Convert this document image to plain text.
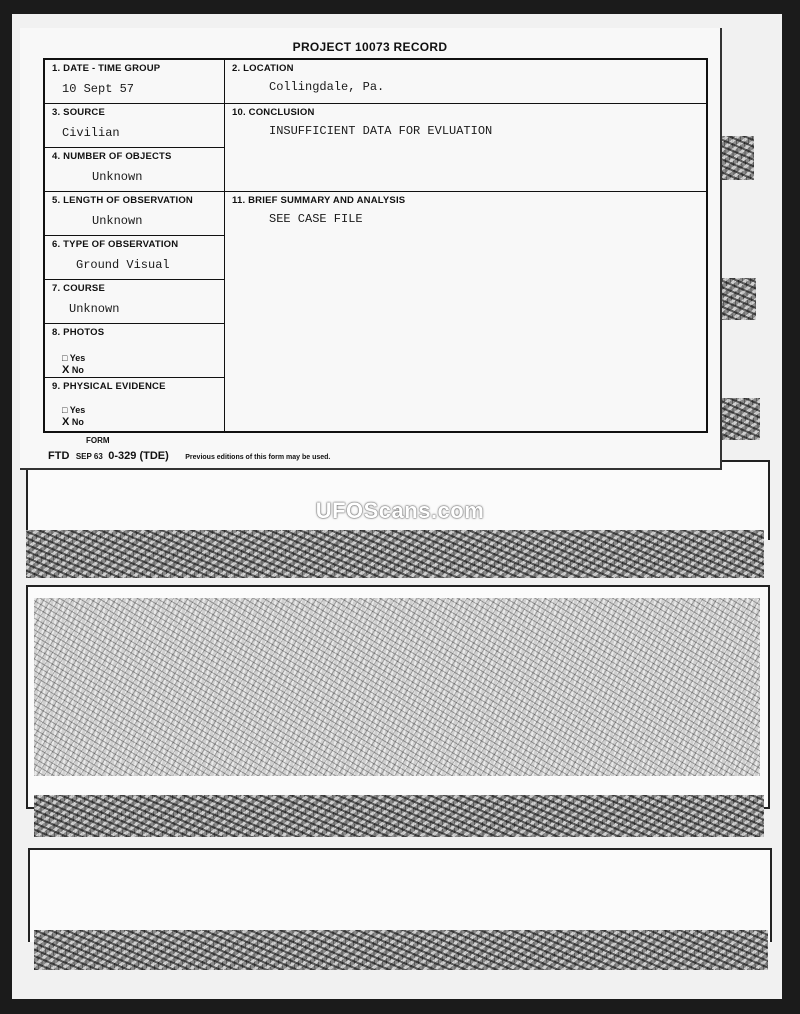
PROJECT 10073 RECORD
1. DATE - TIME GROUP
10 Sept 57
3. SOURCE
Civilian
4. NUMBER OF OBJECTS
Unknown
5. LENGTH OF OBSERVATION
Unknown
6. TYPE OF OBSERVATION
Ground Visual
7. COURSE
Unknown
8. PHOTOS
□ Yes
X No
9. PHYSICAL EVIDENCE
□ Yes
X No
2. LOCATION
Collingdale, Pa.
10. CONCLUSION
INSUFFICIENT DATA FOR EVLUATION
11. BRIEF SUMMARY AND ANALYSIS
SEE CASE FILE
FORM
FTD SEP 63 0-329 (TDE) Previous editions of this form may be used.
UFOScans.com
